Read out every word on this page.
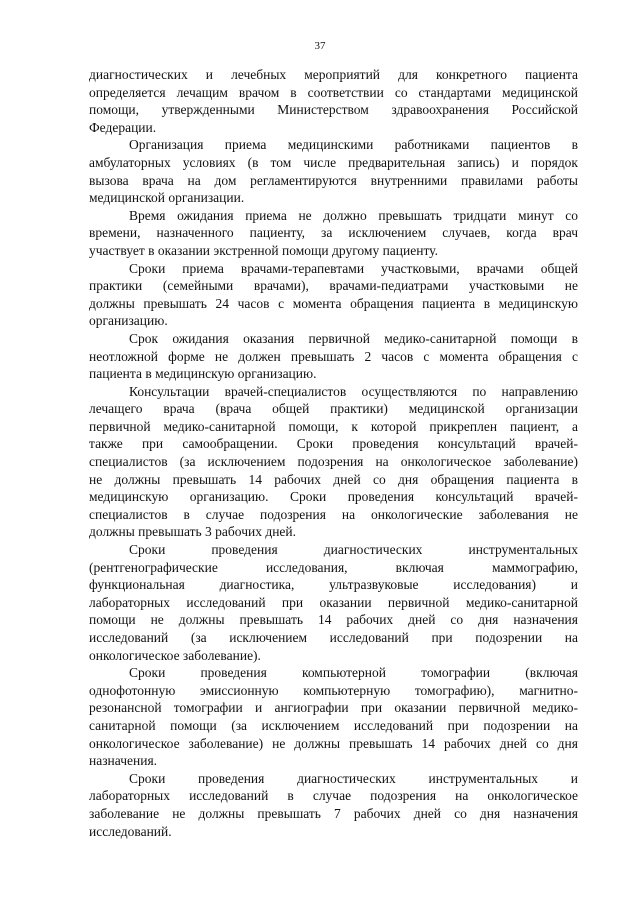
37
диагностических и лечебных мероприятий для конкретного пациента
определяется лечащим врачом в соответствии со стандартами медицинской
помощи, утвержденными Министерством здравоохранения Российской
Федерации.
Организация приема медицинскими работниками пациентов в
амбулаторных условиях (в том числе предварительная запись) и порядок
вызова врача на дом регламентируются внутренними правилами работы
медицинской организации.
Время ожидания приема не должно превышать тридцати минут со
времени, назначенного пациенту, за исключением случаев, когда врач
участвует в оказании экстренной помощи другому пациенту.
Сроки приема врачами-терапевтами участковыми, врачами общей
практики (семейными врачами), врачами-педиатрами участковыми не
должны превышать 24 часов с момента обращения пациента в медицинскую
организацию.
Срок ожидания оказания первичной медико-санитарной помощи в
неотложной форме не должен превышать 2 часов с момента обращения с
пациента в медицинскую организацию.
Консультации врачей-специалистов осуществляются по направлению
лечащего врача (врача общей практики) медицинской организации
первичной медико-санитарной помощи, к которой прикреплен пациент, а
также при самообращении. Сроки проведения консультаций врачей-
специалистов (за исключением подозрения на онкологическое заболевание)
не должны превышать 14 рабочих дней со дня обращения пациента в
медицинскую организацию. Сроки проведения консультаций врачей-
специалистов в случае подозрения на онкологические заболевания не
должны превышать 3 рабочих дней.
Сроки проведения диагностических инструментальных
(рентгенографические исследования, включая маммографию,
функциональная диагностика, ультразвуковые исследования) и
лабораторных исследований при оказании первичной медико-санитарной
помощи не должны превышать 14 рабочих дней со дня назначения
исследований (за исключением исследований при подозрении на
онкологическое заболевание).
Сроки проведения компьютерной томографии (включая
однофотонную эмиссионную компьютерную томографию), магнитно-
резонансной томографии и ангиографии при оказании первичной медико-
санитарной помощи (за исключением исследований при подозрении на
онкологическое заболевание) не должны превышать 14 рабочих дней со дня
назначения.
Сроки проведения диагностических инструментальных и
лабораторных исследований в случае подозрения на онкологическое
заболевание не должны превышать 7 рабочих дней со дня назначения
исследований.
